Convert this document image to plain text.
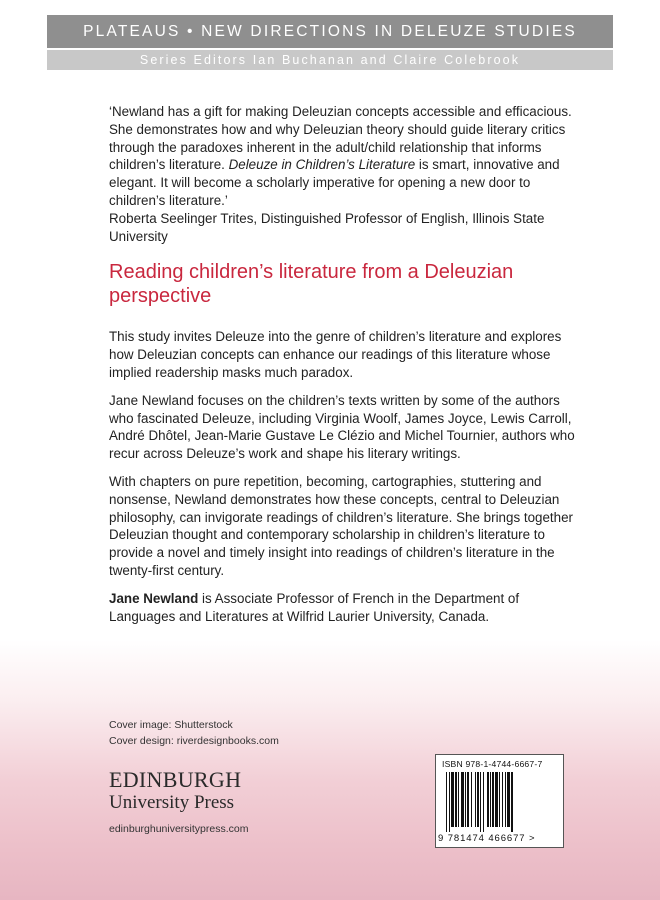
PLATEAUS • NEW DIRECTIONS IN DELEUZE STUDIES
Series Editors Ian Buchanan and Claire Colebrook

‘Newland has a gift for making Deleuzian concepts accessible and efficacious. She demonstrates how and why Deleuzian theory should guide literary critics through the paradoxes inherent in the adult/child relationship that informs children’s literature. Deleuze in Children’s Literature is smart, innovative and elegant. It will become a scholarly imperative for opening a new door to children’s literature.’

Roberta Seelinger Trites, Distinguished Professor of English, Illinois State University

Reading children’s literature from a Deleuzian perspective

This study invites Deleuze into the genre of children’s literature and explores how Deleuzian concepts can enhance our readings of this literature whose implied readership masks much paradox.

Jane Newland focuses on the children’s texts written by some of the authors who fascinated Deleuze, including Virginia Woolf, James Joyce, Lewis Carroll, André Dhôtel, Jean-Marie Gustave Le Clézio and Michel Tournier, authors who recur across Deleuze’s work and shape his literary writings.

With chapters on pure repetition, becoming, cartographies, stuttering and nonsense, Newland demonstrates how these concepts, central to Deleuzian philosophy, can invigorate readings of children’s literature. She brings together Deleuzian thought and contemporary scholarship in children’s literature to provide a novel and timely insight into readings of children’s literature in the twenty-first century.

Jane Newland is Associate Professor of French in the Department of Languages and Literatures at Wilfrid Laurier University, Canada.

Cover image: Shutterstock
Cover design: riverdesignbooks.com
EDINBURGH
University Press
edinburghuniversitypress.com
ISBN 978-1-4744-6667-7
9 781474 466677 >
